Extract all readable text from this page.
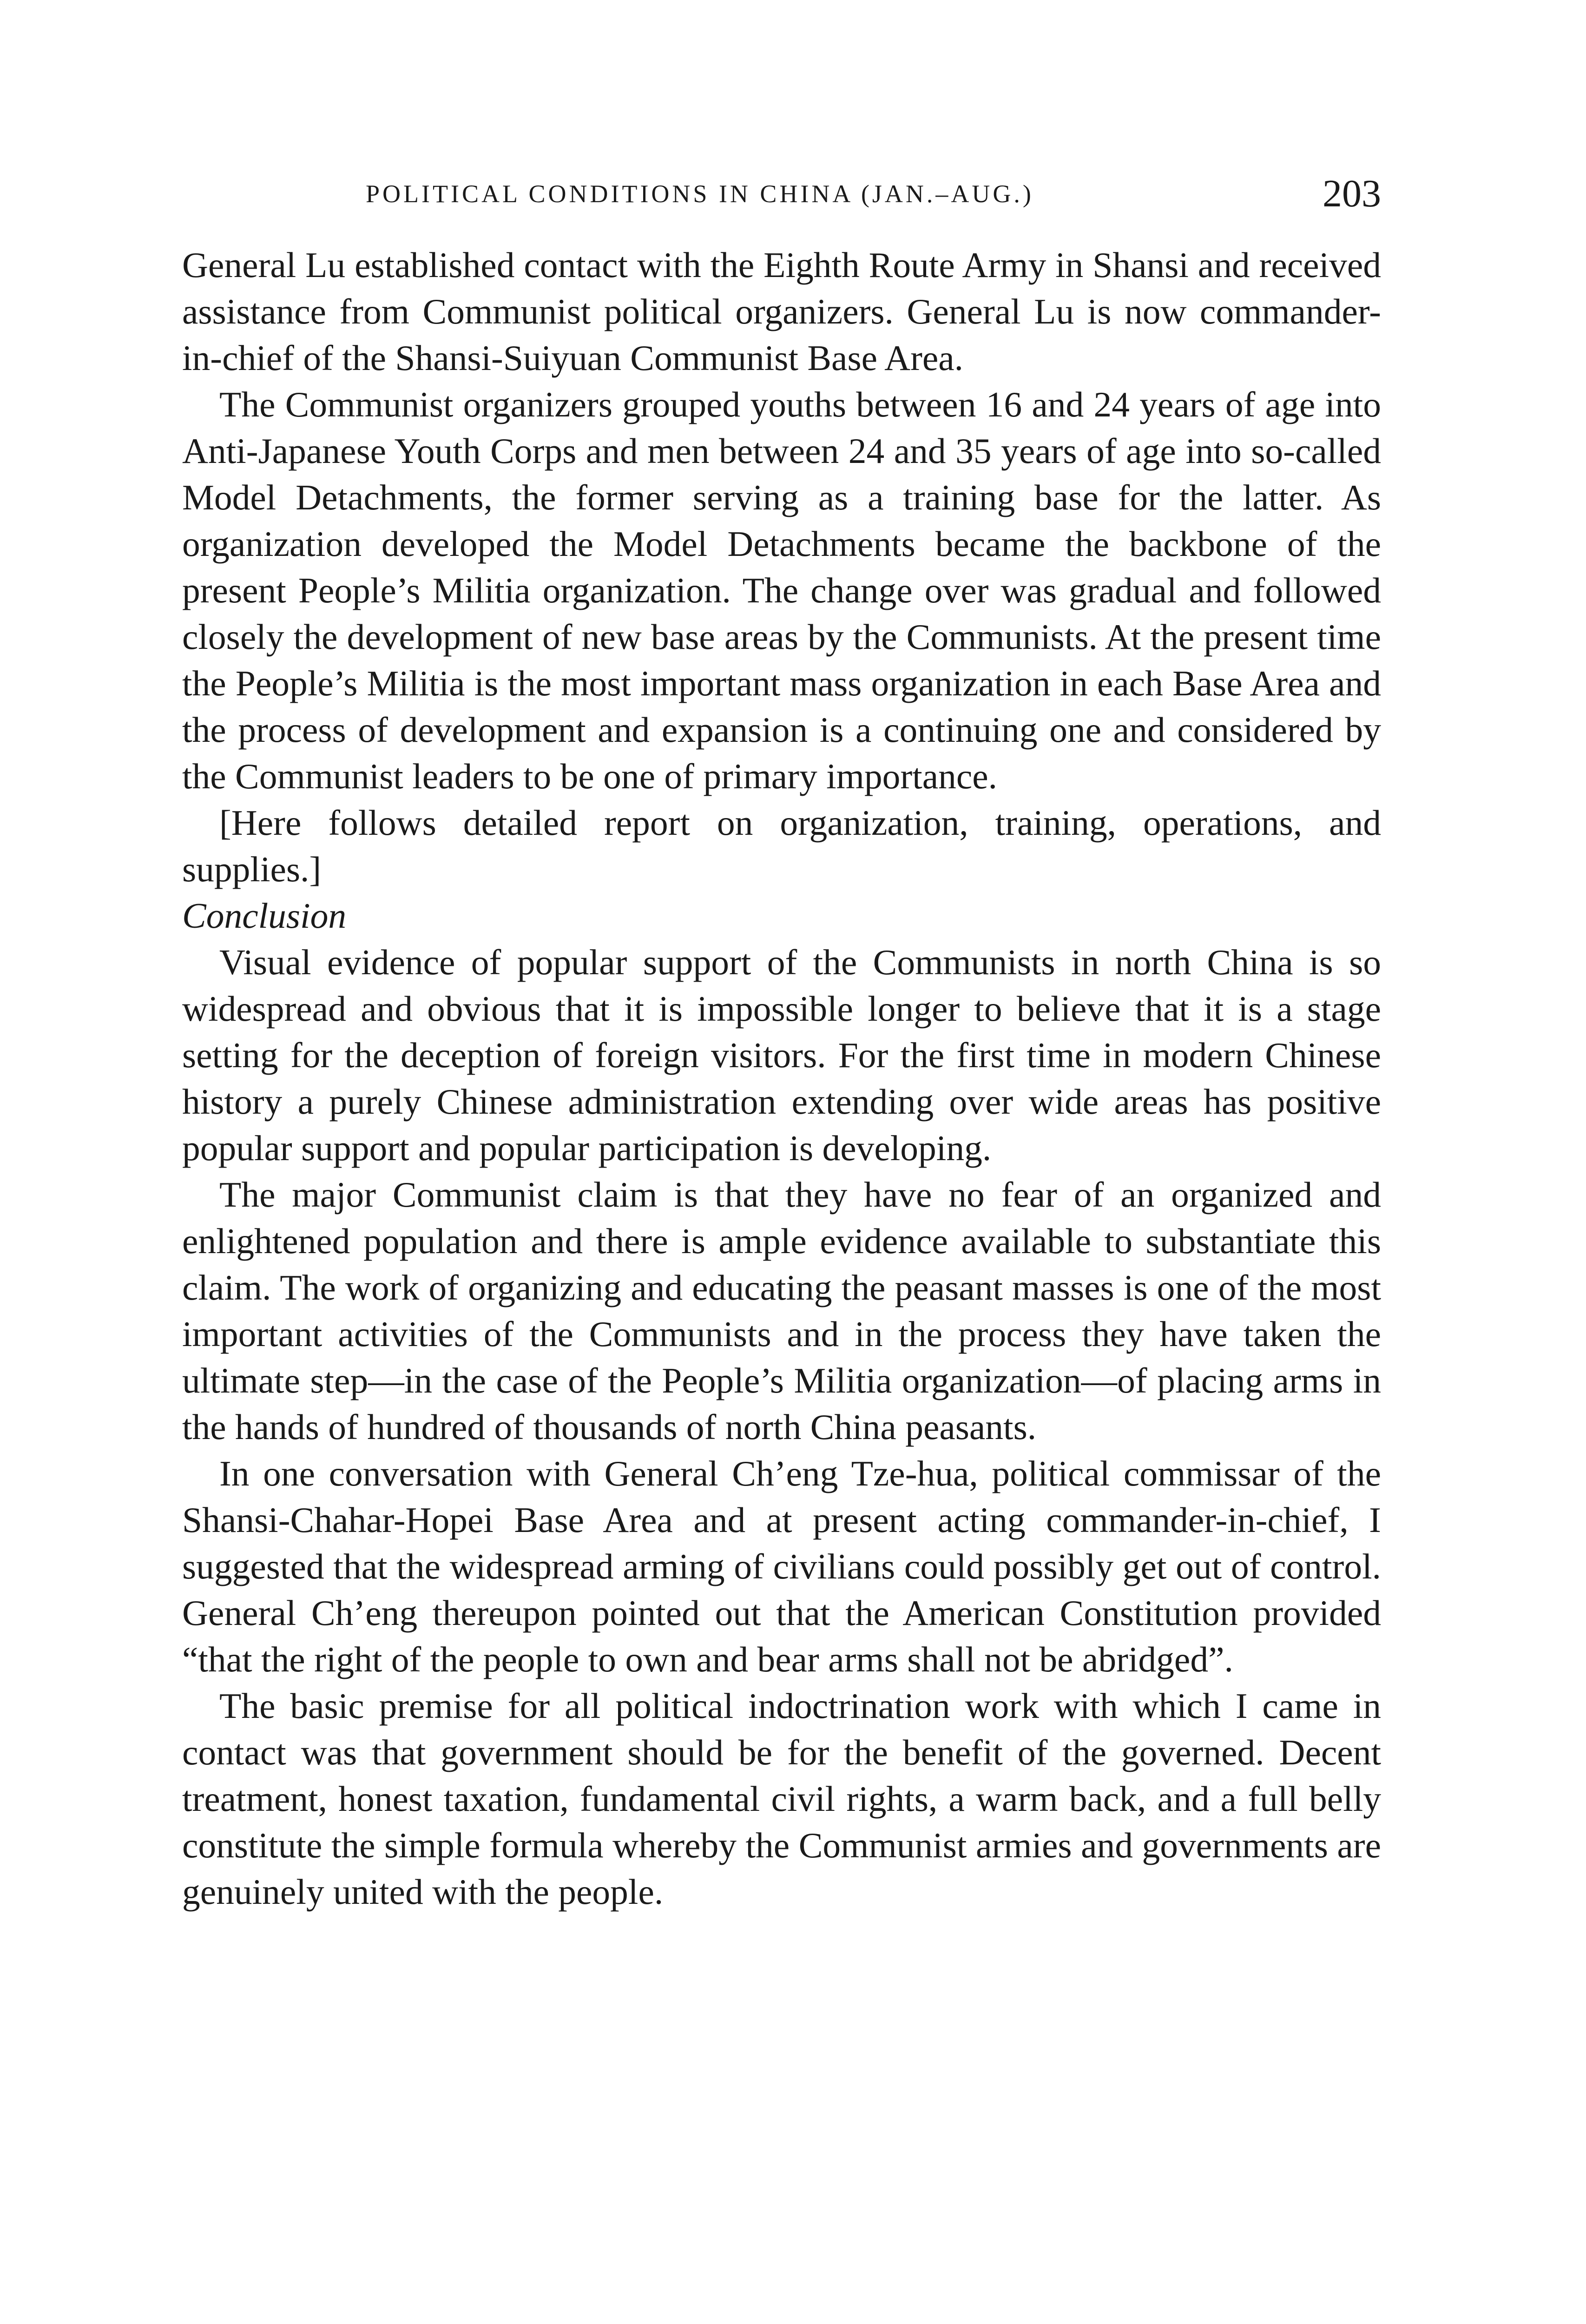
POLITICAL CONDITIONS IN CHINA (JAN.–AUG.)	203

General Lu established contact with the Eighth Route Army in Shansi and received assistance from Communist political organizers. General Lu is now commander-in-chief of the Shansi-Suiyuan Communist Base Area.

The Communist organizers grouped youths between 16 and 24 years of age into Anti-Japanese Youth Corps and men between 24 and 35 years of age into so-called Model Detachments, the former serving as a training base for the latter. As organization developed the Model Detachments became the backbone of the present People’s Militia organization. The change over was gradual and followed closely the development of new base areas by the Communists. At the present time the People’s Militia is the most important mass organization in each Base Area and the process of development and expansion is a continuing one and considered by the Communist leaders to be one of primary importance.

[Here follows detailed report on organization, training, operations, and supplies.]

Conclusion

Visual evidence of popular support of the Communists in north China is so widespread and obvious that it is impossible longer to believe that it is a stage setting for the deception of foreign visitors. For the first time in modern Chinese history a purely Chinese administration extending over wide areas has positive popular support and popular participation is developing.

The major Communist claim is that they have no fear of an organized and enlightened population and there is ample evidence available to substantiate this claim. The work of organizing and educating the peasant masses is one of the most important activities of the Communists and in the process they have taken the ultimate step—in the case of the People’s Militia organization—of placing arms in the hands of hundred of thousands of north China peasants.

In one conversation with General Ch’eng Tze-hua, political commissar of the Shansi-Chahar-Hopei Base Area and at present acting commander-in-chief, I suggested that the widespread arming of civilians could possibly get out of control. General Ch’eng thereupon pointed out that the American Constitution provided “that the right of the people to own and bear arms shall not be abridged”.

The basic premise for all political indoctrination work with which I came in contact was that government should be for the benefit of the governed. Decent treatment, honest taxation, fundamental civil rights, a warm back, and a full belly constitute the simple formula whereby the Communist armies and governments are genuinely united with the people.
